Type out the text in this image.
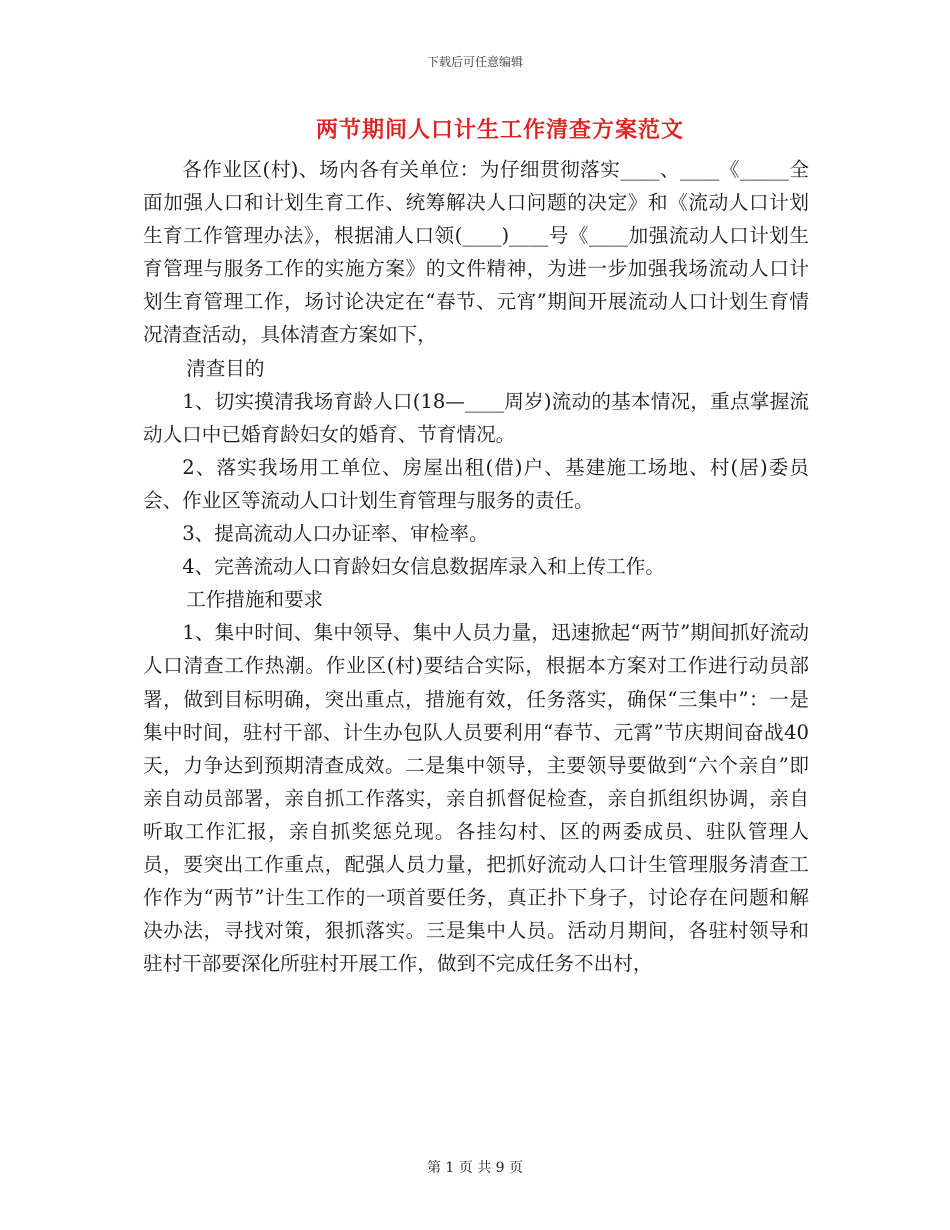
下载后可任意编辑
两节期间人口计生工作清查方案范文

各作业区(村)、场内各有关单位：为仔细贯彻落实____、____《_____全面加强人口和计划生育工作、统筹解决人口问题的决定》和《流动人口计划生育工作管理办法》，根据浦人口领(____)____号《____加强流动人口计划生育管理与服务工作的实施方案》的文件精神，为进一步加强我场流动人口计划生育管理工作，场讨论决定在“春节、元宵”期间开展流动人口计划生育情况清查活动，具体清查方案如下，

清查目的

1、切实摸清我场育龄人口(18—____周岁)流动的基本情况，重点掌握流动人口中已婚育龄妇女的婚育、节育情况。

2、落实我场用工单位、房屋出租(借)户、基建施工场地、村(居)委员会、作业区等流动人口计划生育管理与服务的责任。

3、提高流动人口办证率、审检率。

4、完善流动人口育龄妇女信息数据库录入和上传工作。

工作措施和要求

1、集中时间、集中领导、集中人员力量，迅速掀起“两节”期间抓好流动人口清查工作热潮。作业区(村)要结合实际，根据本方案对工作进行动员部署，做到目标明确，突出重点，措施有效，任务落实，确保“三集中”：一是集中时间，驻村干部、计生办包队人员要利用“春节、元霄”节庆期间奋战40天，力争达到预期清查成效。二是集中领导，主要领导要做到“六个亲自”即亲自动员部署，亲自抓工作落实，亲自抓督促检查，亲自抓组织协调，亲自听取工作汇报，亲自抓奖惩兑现。各挂勾村、区的两委成员、驻队管理人员，要突出工作重点，配强人员力量，把抓好流动人口计生管理服务清查工作作为“两节”计生工作的一项首要任务，真正扑下身子，讨论存在问题和解决办法，寻找对策，狠抓落实。三是集中人员。活动月期间，各驻村领导和驻村干部要深化所驻村开展工作，做到不完成任务不出村，

第 1 页 共 9 页
